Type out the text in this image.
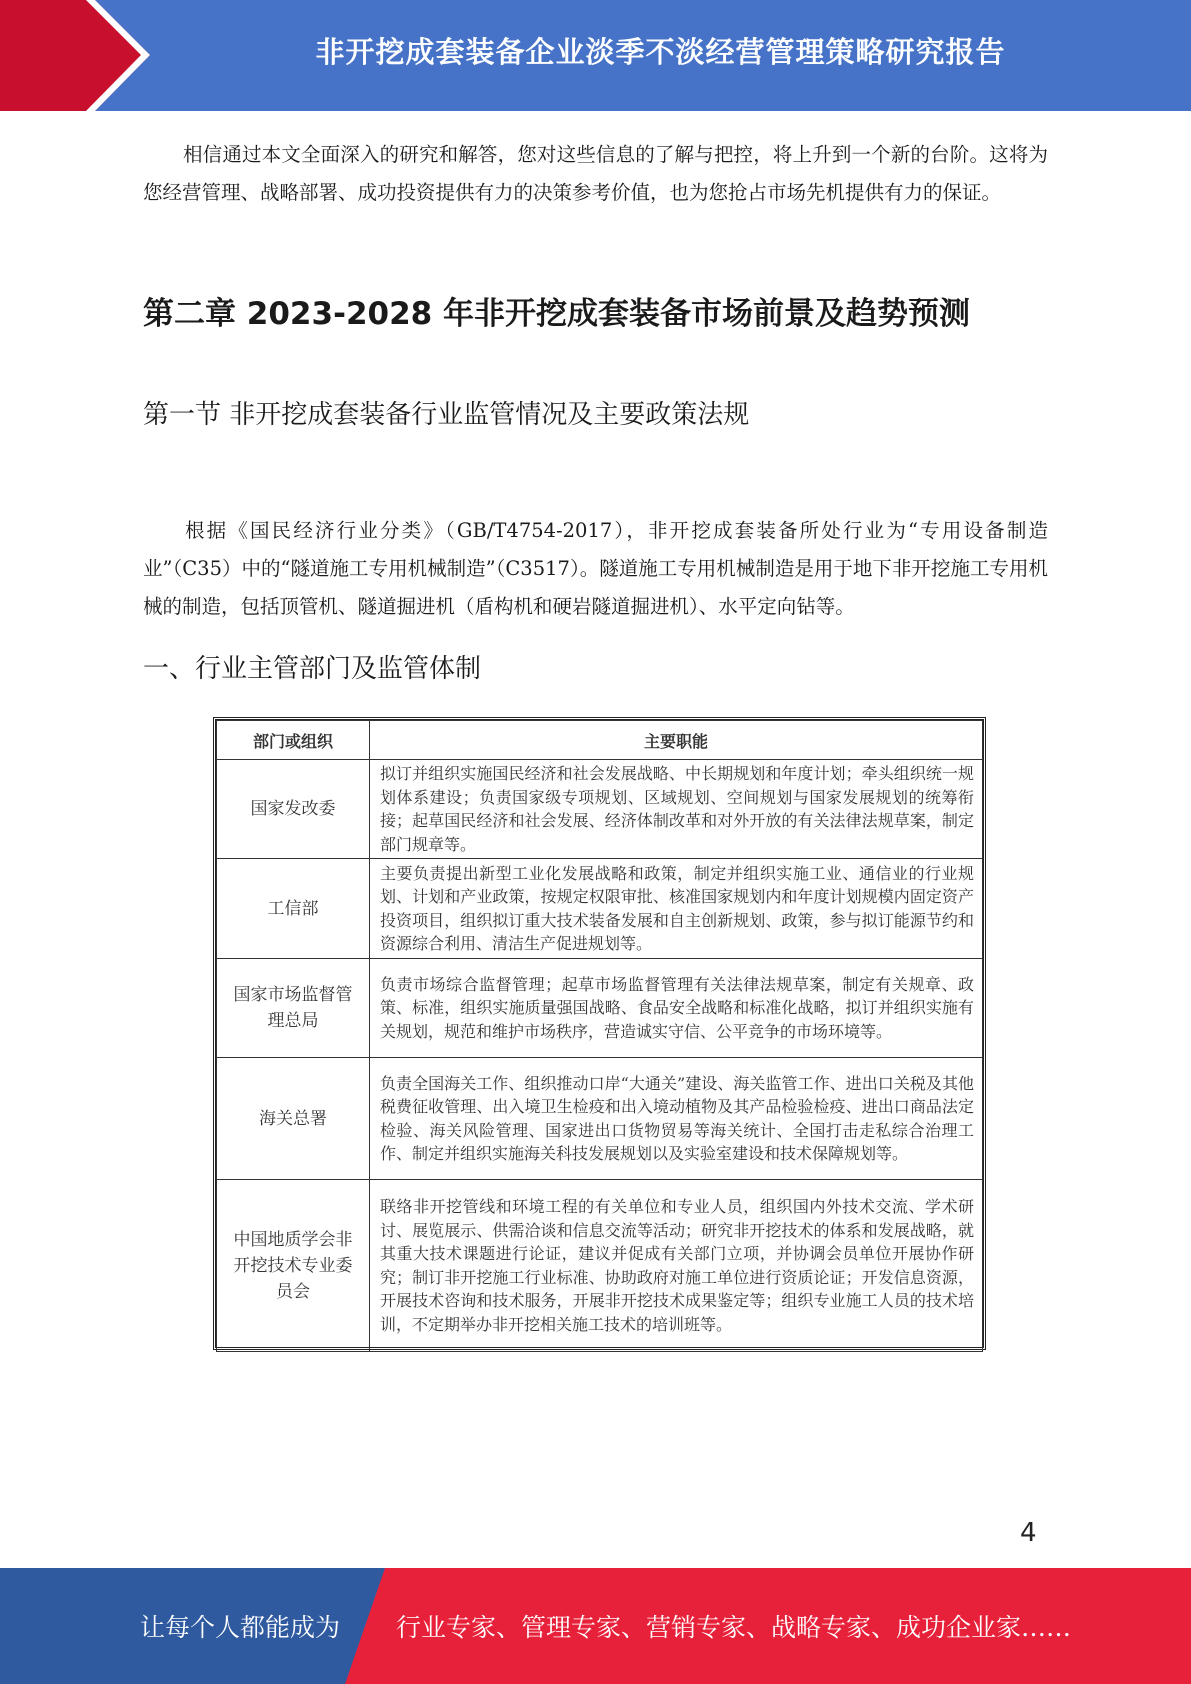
非开挖成套装备企业淡季不淡经营管理策略研究报告

相信通过本文全面深入的研究和解答，您对这些信息的了解与把控，将上升到一个新的台阶。这将为您经营管理、战略部署、成功投资提供有力的决策参考价值，也为您抢占市场先机提供有力的保证。

第二章 2023-2028 年非开挖成套装备市场前景及趋势预测
第一节 非开挖成套装备行业监管情况及主要政策法规

根据《国民经济行业分类》（GB/T4754-2017），非开挖成套装备所处行业为“专用设备制造业”（C35）中的“隧道施工专用机械制造”（C3517）。隧道施工专用机械制造是用于地下非开挖施工专用机械的制造，包括顶管机、隧道掘进机（盾构机和硬岩隧道掘进机）、水平定向钻等。

一、行业主管部门及监管体制
部门或组织	主要职能
国家发改委	拟订并组织实施国民经济和社会发展战略、中长期规划和年度计划；牵头组织统一规划体系建设；负责国家级专项规划、区域规划、空间规划与国家发展规划的统筹衔接；起草国民经济和社会发展、经济体制改革和对外开放的有关法律法规草案，制定部门规章等。
工信部	主要负责提出新型工业化发展战略和政策，制定并组织实施工业、通信业的行业规划、计划和产业政策，按规定权限审批、核准国家规划内和年度计划规模内固定资产投资项目，组织拟订重大技术装备发展和自主创新规划、政策，参与拟订能源节约和资源综合利用、清洁生产促进规划等。
国家市场监督管理总局	负责市场综合监督管理；起草市场监督管理有关法律法规草案，制定有关规章、政策、标准，组织实施质量强国战略、食品安全战略和标准化战略，拟订并组织实施有关规划，规范和维护市场秩序，营造诚实守信、公平竞争的市场环境等。
海关总署	负责全国海关工作、组织推动口岸“大通关”建设、海关监管工作、进出口关税及其他税费征收管理、出入境卫生检疫和出入境动植物及其产品检验检疫、进出口商品法定检验、海关风险管理、国家进出口货物贸易等海关统计、全国打击走私综合治理工作、制定并组织实施海关科技发展规划以及实验室建设和技术保障规划等。
中国地质学会非开挖技术专业委员会	联络非开挖管线和环境工程的有关单位和专业人员，组织国内外技术交流、学术研讨、展览展示、供需洽谈和信息交流等活动；研究非开挖技术的体系和发展战略，就其重大技术课题进行论证，建议并促成有关部门立项，并协调会员单位开展协作研究；制订非开挖施工行业标准、协助政府对施工单位进行资质论证；开发信息资源，开展技术咨询和技术服务，开展非开挖技术成果鉴定等；组织专业施工人员的技术培训，不定期举办非开挖相关施工技术的培训班等。
4
让每个人都能成为 行业专家、管理专家、营销专家、战略专家、成功企业家……
